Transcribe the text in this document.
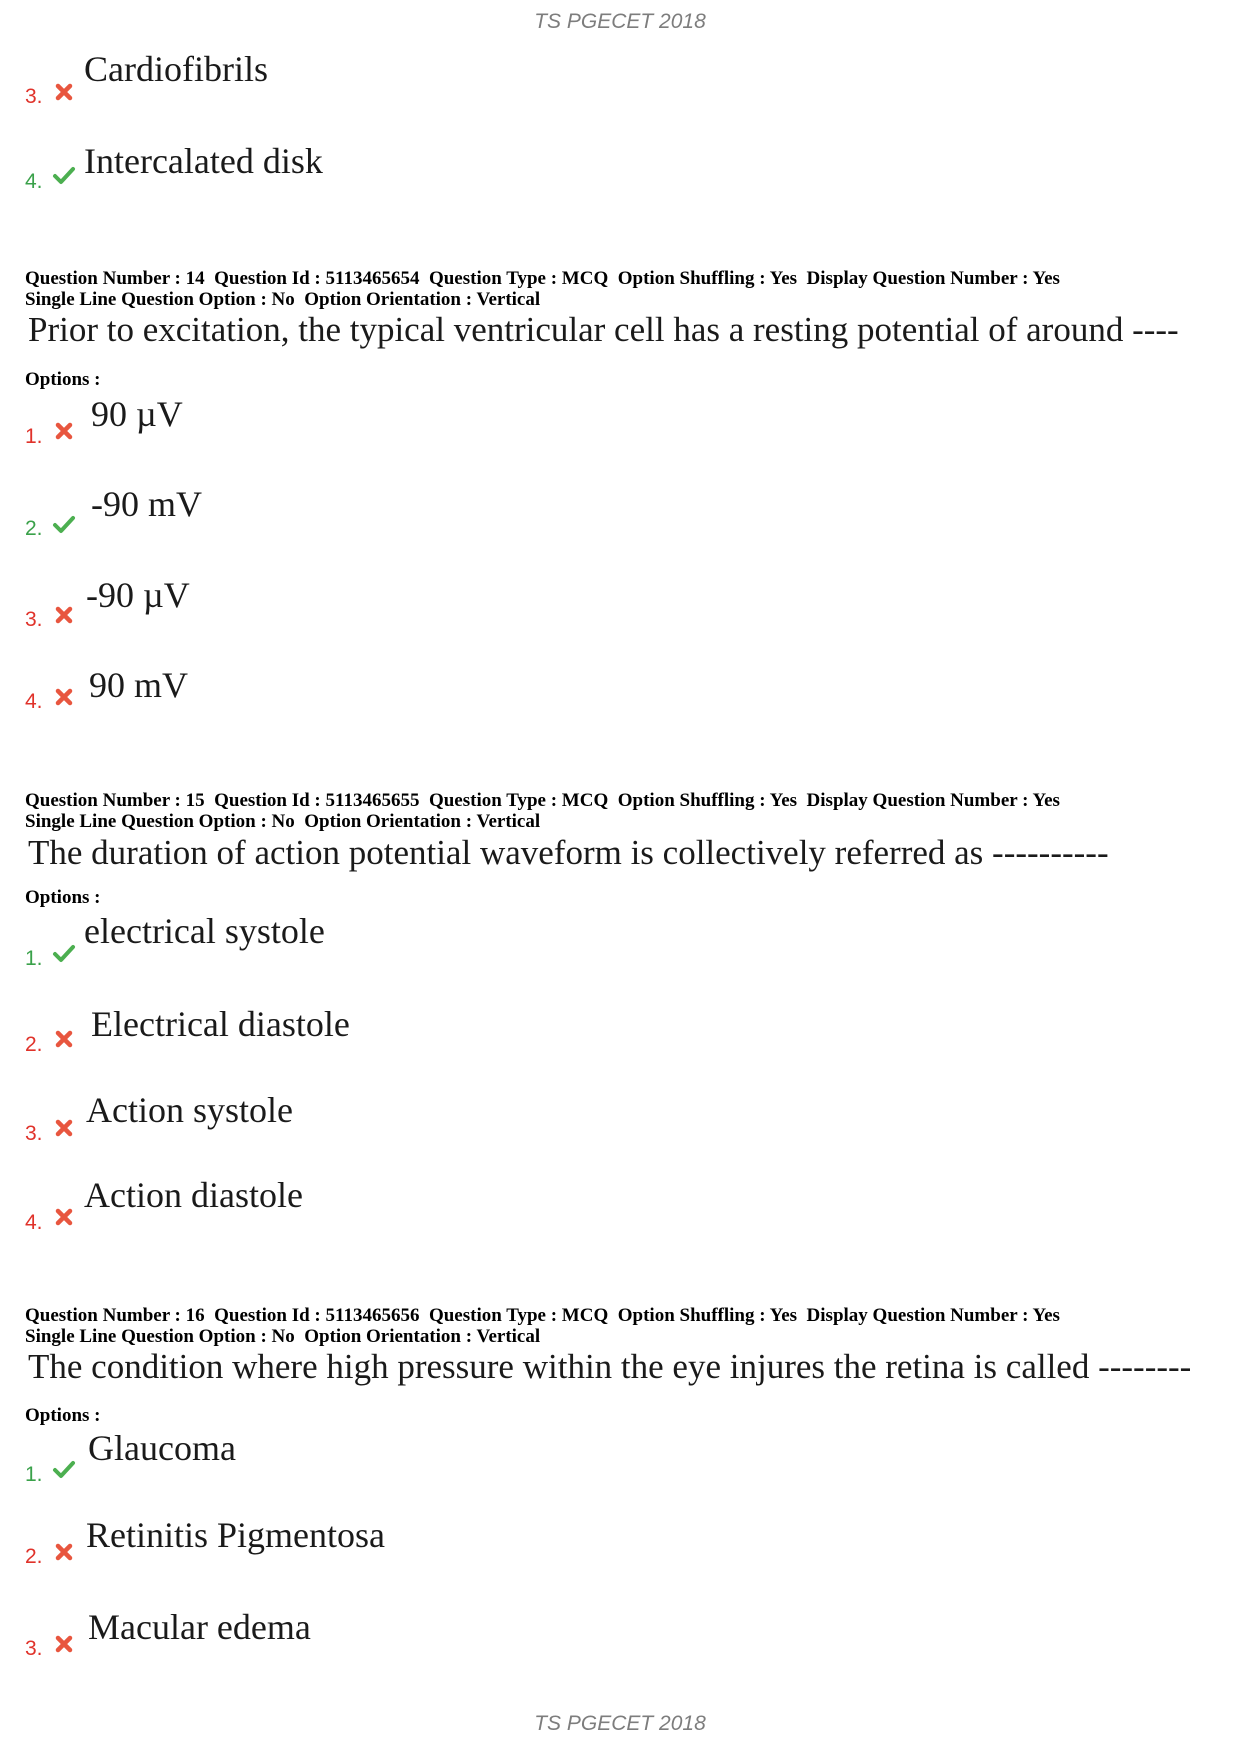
TS PGECET 2018
3.
Cardiofibrils
4.
Intercalated disk
Question Number : 14  Question Id : 5113465654  Question Type : MCQ  Option Shuffling : Yes  Display Question Number : Yes
Single Line Question Option : No  Option Orientation : Vertical
Prior to excitation, the typical ventricular cell has a resting potential of around ----
Options :
1.
90 µV
2.
-90 mV
3.
-90 µV
4. 90 mV
Question Number : 15  Question Id : 5113465655  Question Type : MCQ  Option Shuffling : Yes  Display Question Number : Yes
Single Line Question Option : No  Option Orientation : Vertical
The duration of action potential waveform is collectively referred as ----------
Options :
1.
electrical systole
2.
Electrical diastole
3.
Action systole
4.
Action diastole
Question Number : 16  Question Id : 5113465656  Question Type : MCQ  Option Shuffling : Yes  Display Question Number : Yes
Single Line Question Option : No  Option Orientation : Vertical
The condition where high pressure within the eye injures the retina is called --------
Options :
1.
Glaucoma
2.
Retinitis Pigmentosa
3.
Macular edema
TS PGECET 2018
